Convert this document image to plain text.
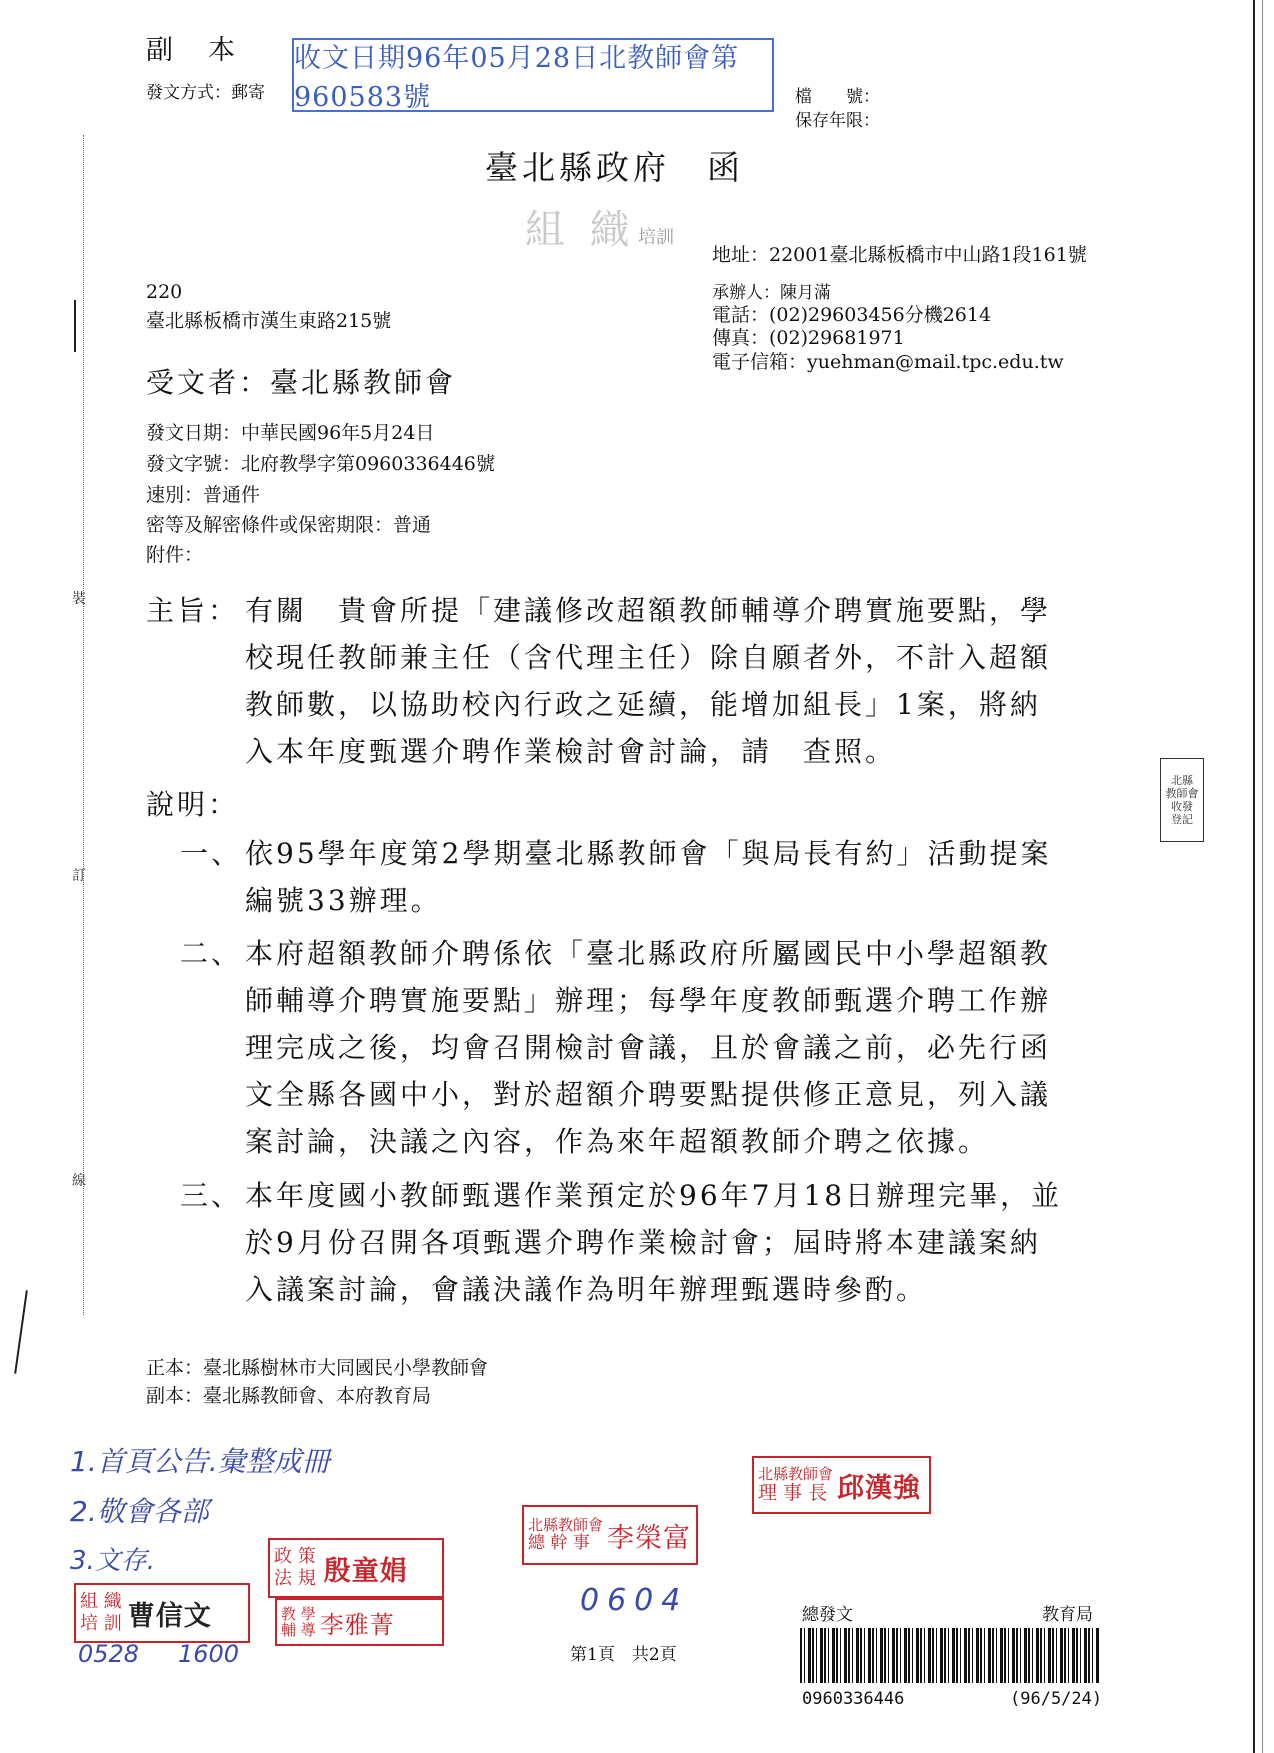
裝
訂
線
副　本
發文方式：郵寄
收文日期96年05月28日北教師會第960583號	檔　　號：
保存年限：
臺北縣政府　函
組 織 培訓
地址：22001臺北縣板橋市中山路1段161號
承辦人：陳月滿
電話：(02)29603456分機2614
傳真：(02)29681971
電子信箱：yuehman@mail.tpc.edu.tw
220
臺北縣板橋市漢生東路215號
受文者：臺北縣教師會
發文日期：中華民國96年5月24日
發文字號：北府教學字第0960336446號
速別：普通件
密等及解密條件或保密期限：普通
附件：
主旨： 有關　貴會所提「建議修改超額教師輔導介聘實施要點，學
校現任教師兼主任（含代理主任）除自願者外，不計入超額
教師數，以協助校內行政之延續，能增加組長」1案，將納
入本年度甄選介聘作業檢討會討論，請　查照。
說明：
一、 依95學年度第2學期臺北縣教師會「與局長有約」活動提案
編號33辦理。
二、 本府超額教師介聘係依「臺北縣政府所屬國民中小學超額教
師輔導介聘實施要點」辦理；每學年度教師甄選介聘工作辦
理完成之後，均會召開檢討會議，且於會議之前，必先行函
文全縣各國中小，對於超額介聘要點提供修正意見，列入議
案討論，決議之內容，作為來年超額教師介聘之依據。
三、 本年度國小教師甄選作業預定於96年7月18日辦理完畢，並
於9月份召開各項甄選介聘作業檢討會；屆時將本建議案納
入議案討論，會議決議作為明年辦理甄選時參酌。
正本：臺北縣樹林市大同國民小學教師會
副本：臺北縣教師會、本府教育局
1.首頁公告.彙整成冊
2.敬會各部
3.文存.
0528 1600
0604
北縣教師會
理 事 長 邱漢強
北縣教師會
總 幹 事 李榮富
政 策
法 規 殷童娟
教 學
輔 導 李雅菁
組 織
培 訓 曹信文
北縣
教師會
收發
登記
第1頁　共2頁
總發文	教育局
0960336446	(96/5/24)
